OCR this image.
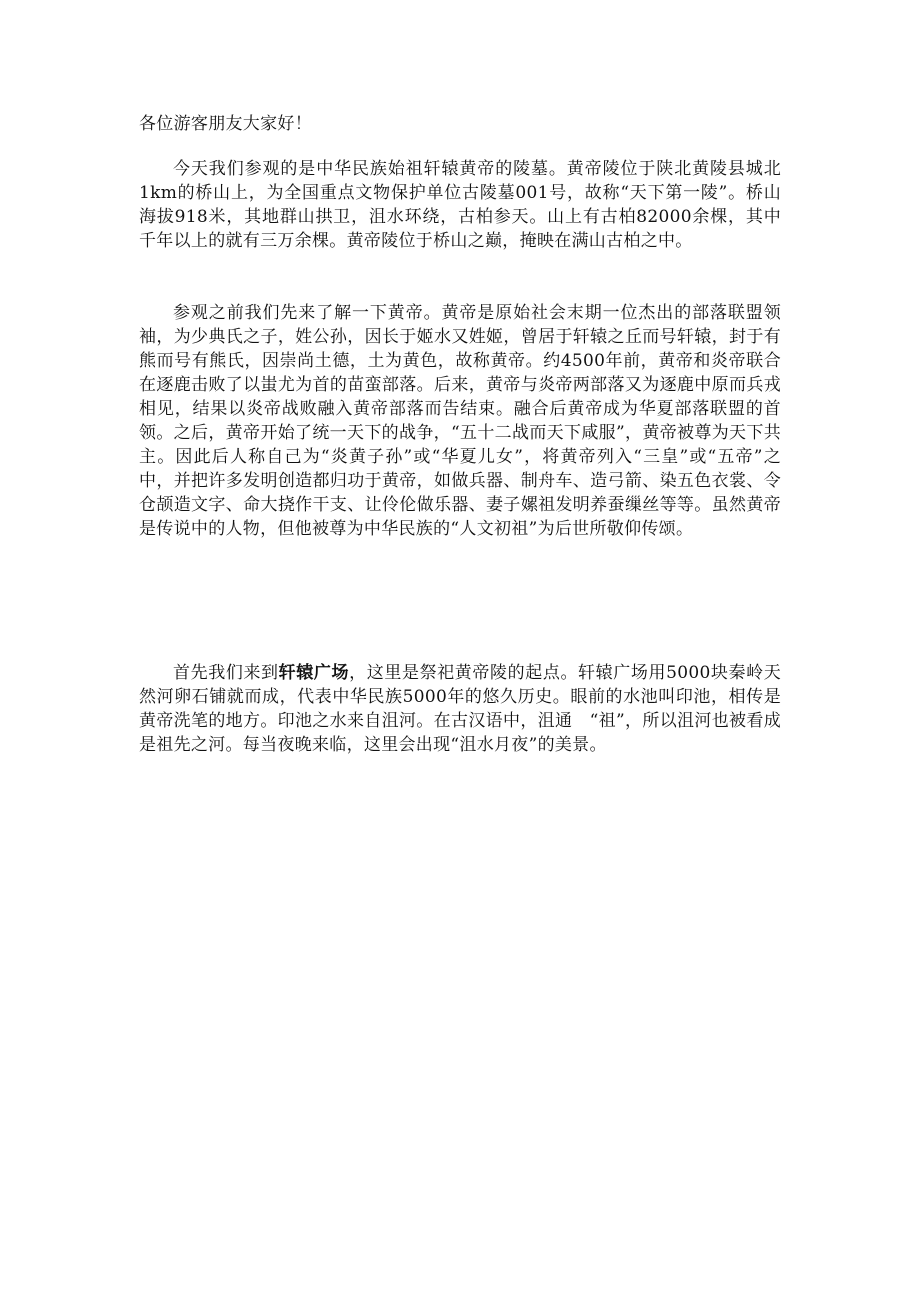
各位游客朋友大家好！
今天我们参观的是中华民族始祖轩辕黄帝的陵墓。黄帝陵位于陕北黄陵县城北1km的桥山上，为全国重点文物保护单位古陵墓001号，故称“天下第一陵”。桥山海拔918米，其地群山拱卫，沮水环绕，古柏参天。山上有古柏82000余棵，其中千年以上的就有三万余棵。黄帝陵位于桥山之巅，掩映在满山古柏之中。
参观之前我们先来了解一下黄帝。黄帝是原始社会末期一位杰出的部落联盟领袖，为少典氏之子，姓公孙，因长于姬水又姓姬，曾居于轩辕之丘而号轩辕，封于有熊而号有熊氏，因崇尚土德，土为黄色，故称黄帝。约4500年前，黄帝和炎帝联合在逐鹿击败了以蚩尤为首的苗蛮部落。后来，黄帝与炎帝两部落又为逐鹿中原而兵戎相见，结果以炎帝战败融入黄帝部落而告结束。融合后黄帝成为华夏部落联盟的首领。之后，黄帝开始了统一天下的战争，“五十二战而天下咸服”，黄帝被尊为天下共主。因此后人称自己为“炎黄子孙”或“华夏儿女”，将黄帝列入“三皇”或“五帝”之中，并把许多发明创造都归功于黄帝，如做兵器、制舟车、造弓箭、染五色衣裳、令仓颉造文字、命大挠作干支、让伶伦做乐器、妻子嫘祖发明养蚕缫丝等等。虽然黄帝是传说中的人物，但他被尊为中华民族的“人文初祖”为后世所敬仰传颂。
首先我们来到轩辕广场，这里是祭祀黄帝陵的起点。轩辕广场用5000块秦岭天然河卵石铺就而成，代表中华民族5000年的悠久历史。眼前的水池叫印池，相传是黄帝洗笔的地方。印池之水来自沮河。在古汉语中，沮通　“祖”，所以沮河也被看成是祖先之河。每当夜晚来临，这里会出现“沮水月夜”的美景。
